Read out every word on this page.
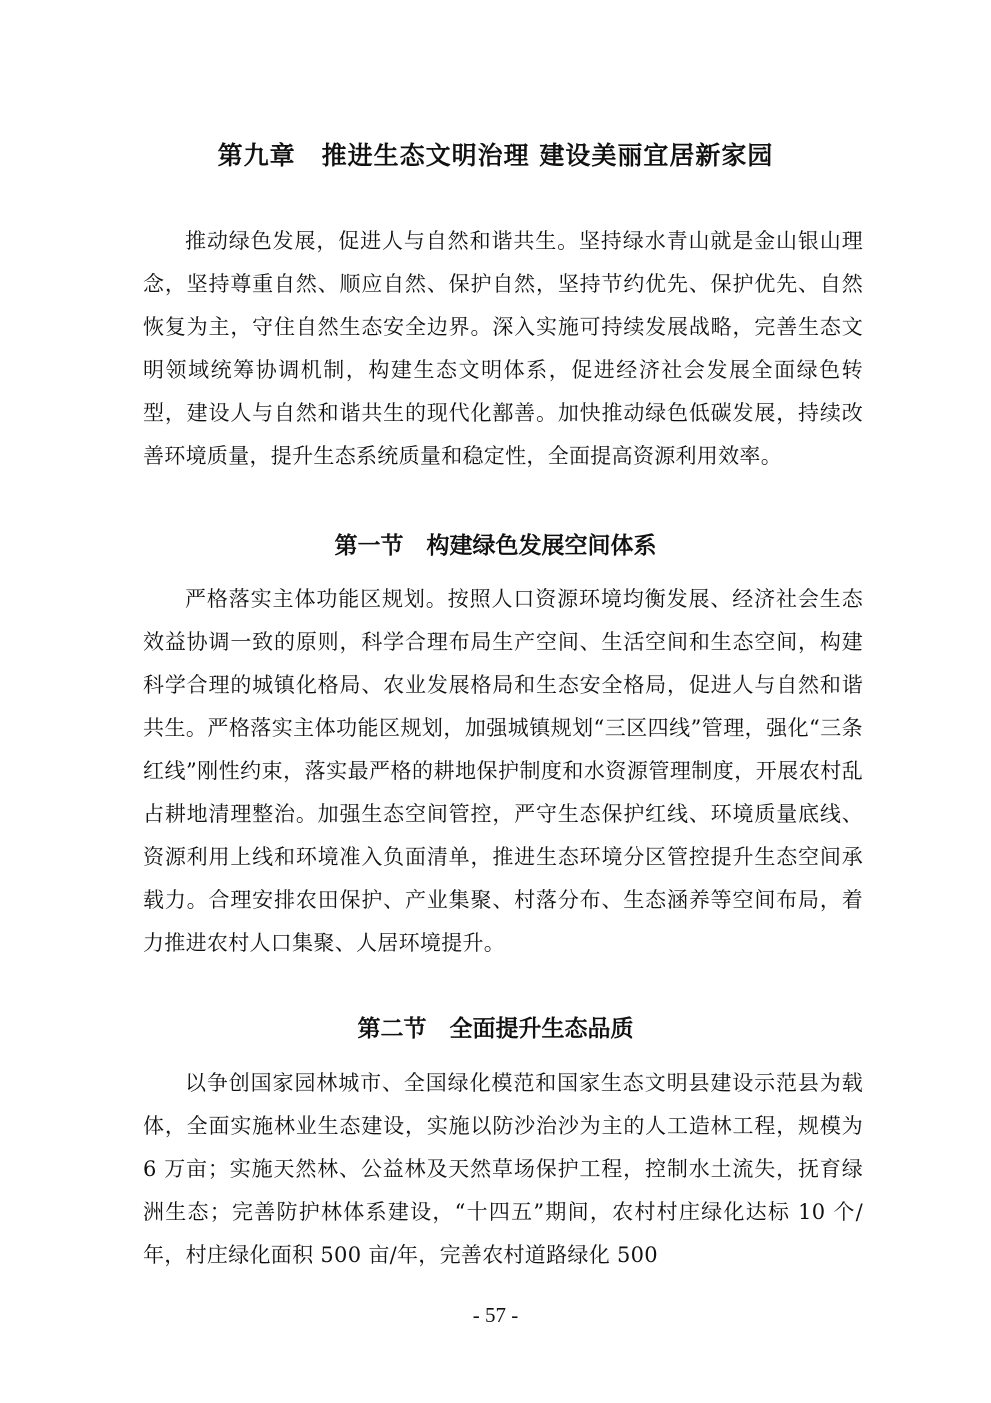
第九章　推进生态文明治理 建设美丽宜居新家园

推动绿色发展，促进人与自然和谐共生。坚持绿水青山就是金山银山理念，坚持尊重自然、顺应自然、保护自然，坚持节约优先、保护优先、自然恢复为主，守住自然生态安全边界。深入实施可持续发展战略，完善生态文明领域统筹协调机制，构建生态文明体系，促进经济社会发展全面绿色转型，建设人与自然和谐共生的现代化鄯善。加快推动绿色低碳发展，持续改善环境质量，提升生态系统质量和稳定性，全面提高资源利用效率。

第一节　构建绿色发展空间体系

严格落实主体功能区规划。按照人口资源环境均衡发展、经济社会生态效益协调一致的原则，科学合理布局生产空间、生活空间和生态空间，构建科学合理的城镇化格局、农业发展格局和生态安全格局，促进人与自然和谐共生。严格落实主体功能区规划，加强城镇规划“三区四线”管理，强化“三条红线”刚性约束，落实最严格的耕地保护制度和水资源管理制度，开展农村乱占耕地清理整治。加强生态空间管控，严守生态保护红线、环境质量底线、资源利用上线和环境准入负面清单，推进生态环境分区管控提升生态空间承载力。合理安排农田保护、产业集聚、村落分布、生态涵养等空间布局，着力推进农村人口集聚、人居环境提升。

第二节　全面提升生态品质

以争创国家园林城市、全国绿化模范和国家生态文明县建设示范县为载体，全面实施林业生态建设，实施以防沙治沙为主的人工造林工程，规模为 6 万亩；实施天然林、公益林及天然草场保护工程，控制水土流失，抚育绿洲生态；完善防护林体系建设，“十四五”期间，农村村庄绿化达标 10 个/年，村庄绿化面积 500 亩/年，完善农村道路绿化 500

- 57 -
